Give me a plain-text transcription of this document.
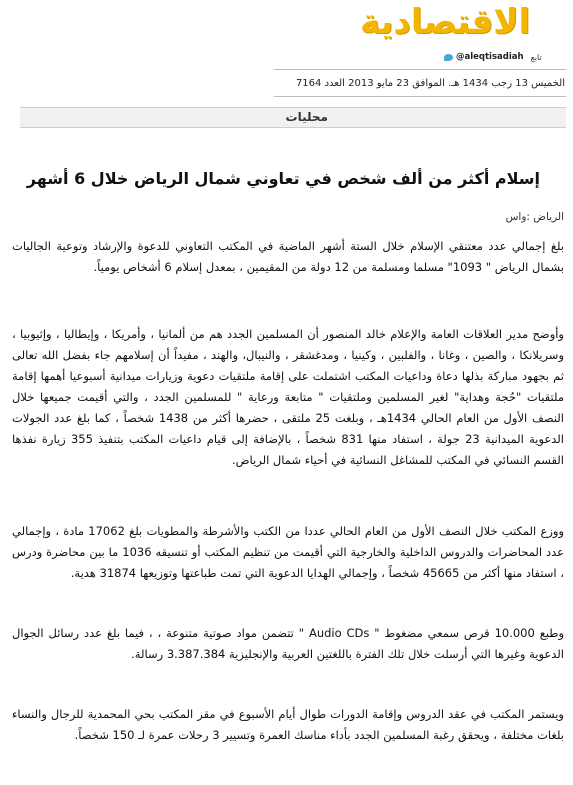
الاقتصادية
@aleqtisadiah تابع
الخميس 13 رجب 1434 هـ. الموافق 23 مايو 2013 العدد 7164
محليات
إسلام أكثر من ألف شخص في تعاوني شمال الرياض خلال 6 أشهر
الرياض :واس

بلغ إجمالي عدد معتنقي الإسلام خلال الستة أشهر الماضية في المكتب التعاوني للدعوة والإرشاد وتوعية الجاليات بشمال الرياض " 1093" مسلما ومسلمة من 12 دولة من المقيمين ، بمعدل إسلام 6 أشخاص يومياً.

وأوضح مدير العلاقات العامة والإعلام خالد المنصور أن المسلمين الجدد هم من ألمانيا ، وأمريكا ، وإيطاليا ، وإثيوبيا ، وسريلانكا ، والصين ، وغانا ، والفلبين ، وكينيا ، ومدغشقر ، والنيبال، والهند ، مفيداً أن إسلامهم جاء بفضل الله تعالى ثم بجهود مباركة بذلها دعاة وداعيات المكتب اشتملت على إقامة ملتقيات دعوية وزيارات ميدانية أسبوعيا أهمها إقامة ملتقيات "حُجة وهداية" لغير المسلمين وملتقيات " متابعة ورعاية " للمسلمين الجدد ، والتي أقيمت جميعها خلال النصف الأول من العام الحالي 1434هـ ، وبلغت 25 ملتقى ، حضرها أكثر من 1438 شخصاً ، كما بلغ عدد الجولات الدعوية الميدانية 23 جولة ، استفاد منها 831 شخصاً ، بالإضافة إلى قيام داعيات المكتب بتنفيذ 355 زيارة نفذها القسم النسائي في المكتب للمشاغل النسائية في أحياء شمال الرياض.

ووزع المكتب خلال النصف الأول من العام الحالي عددا من الكتب والأشرطة والمطويات بلغ 17062 مادة ، وإجمالي عدد المحاضرات والدروس الداخلية والخارجية التي أقيمت من تنظيم المكتب أو تنسيقه 1036 ما بين محاضرة ودرس ، استفاد منها أكثر من 45665 شخصاً ، وإجمالي الهدايا الدعوية التي تمت طباعتها وتوزيعها 31874 هدية.

وطبع 10.000 قرص سمعي مضغوط " Audio CDs " تتضمن مواد صوتية متنوعة ، ، فيما بلغ عدد رسائل الجوال الدعوية وغيرها التي أرسلت خلال تلك الفترة باللغتين العربية والإنجليزية 3.387.384 رسالة.

ويستمر المكتب في عقد الدروس وإقامة الدورات طوال أيام الأسبوع في مقر المكتب بحي المحمدية للرجال والنساء بلغات مختلفة ، ويحقق رغبة المسلمين الجدد بأداء مناسك العمرة وتسيير 3 رحلات عمرة لـ 150 شخصاً.
